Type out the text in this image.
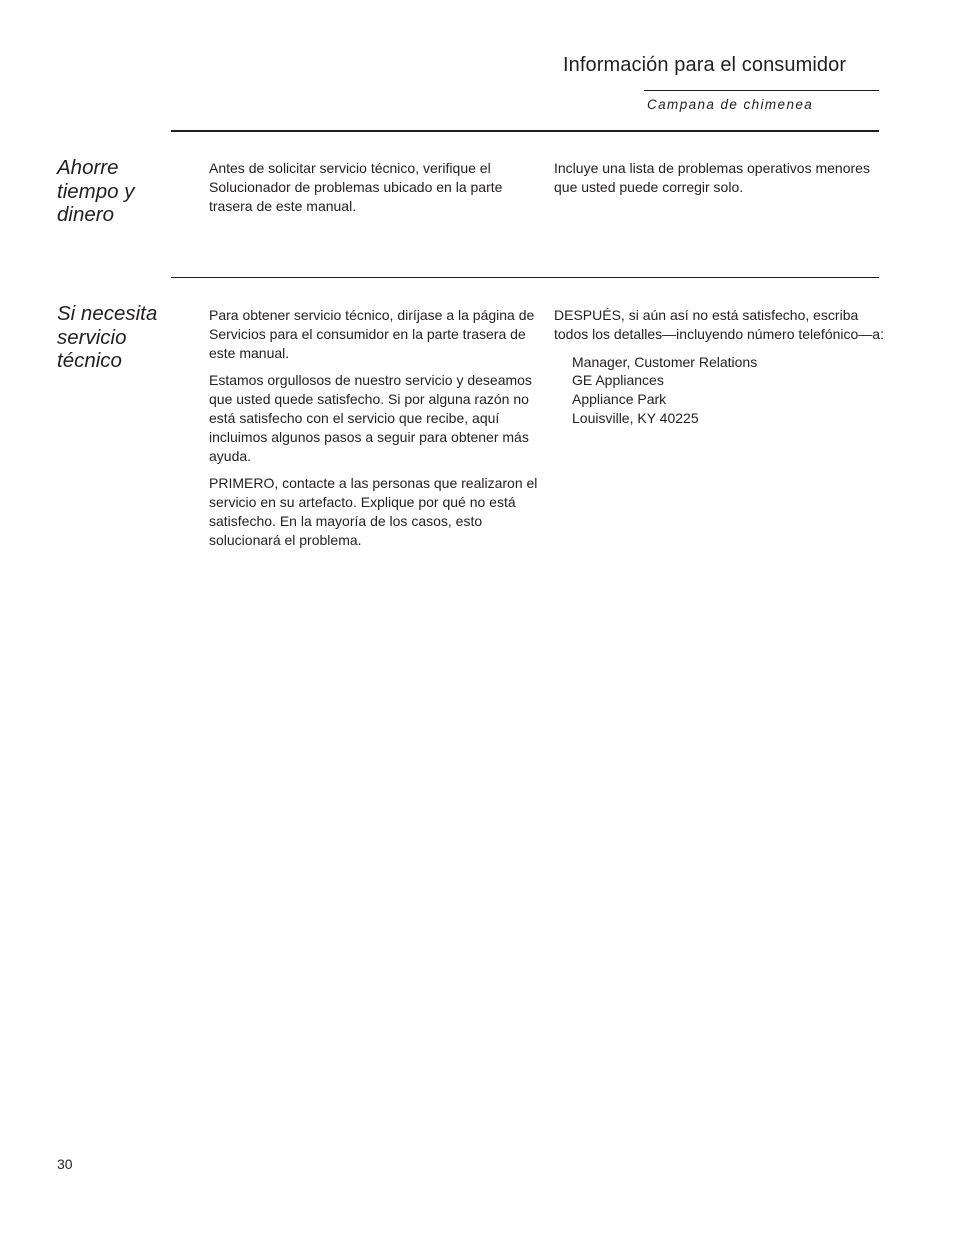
Información para el consumidor
Campana de chimenea
Ahorre tiempo y dinero

Antes de solicitar servicio técnico, verifique el Solucionador de problemas ubicado en la parte trasera de este manual.

Incluye una lista de problemas operativos menores que usted puede corregir solo.

Si necesita servicio técnico

Para obtener servicio técnico, diríjase a la página de Servicios para el consumidor en la parte trasera de este manual.

Estamos orgullosos de nuestro servicio y deseamos que usted quede satisfecho. Si por alguna razón no está satisfecho con el servicio que recibe, aquí incluimos algunos pasos a seguir para obtener más ayuda.

PRIMERO, contacte a las personas que realizaron el servicio en su artefacto. Explique por qué no está satisfecho. En la mayoría de los casos, esto solucionará el problema.

DESPUÉS, si aún así no está satisfecho, escriba todos los detalles—incluyendo número telefónico—a:

Manager, Customer Relations
GE Appliances
Appliance Park
Louisville, KY 40225
30
